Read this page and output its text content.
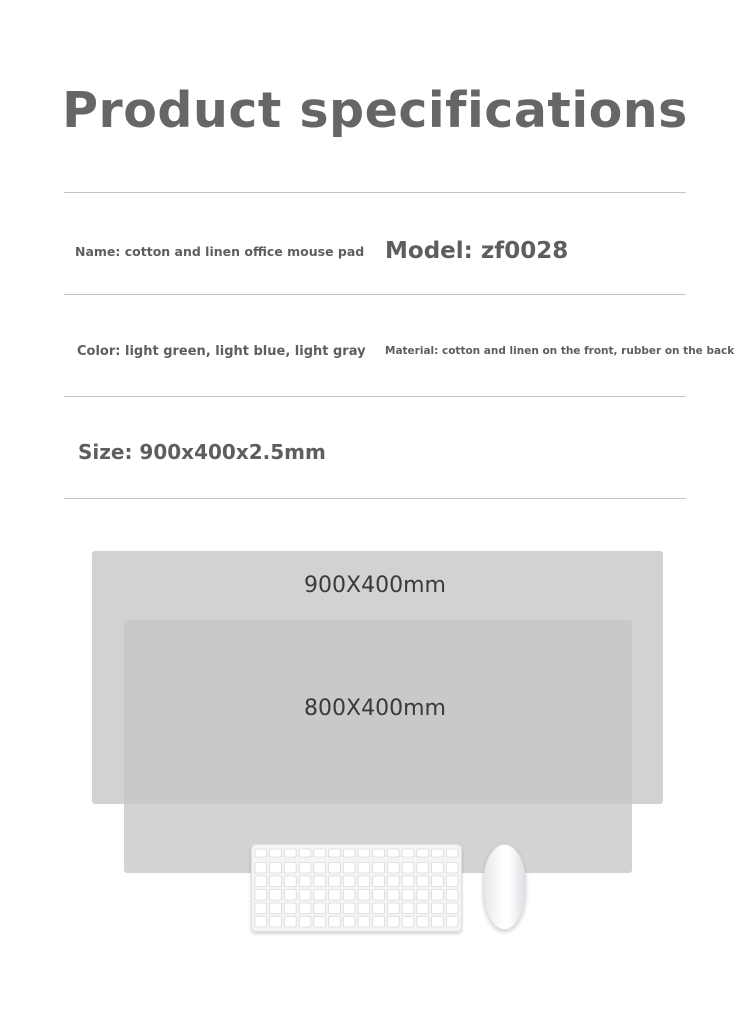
Product specifications
Name: cotton and linen office mouse pad Model: zf0028
Color: light green, light blue, light gray Material: cotton and linen on the front, rubber on the back
Size: 900x400x2.5mm
900X400mm
800X400mm
